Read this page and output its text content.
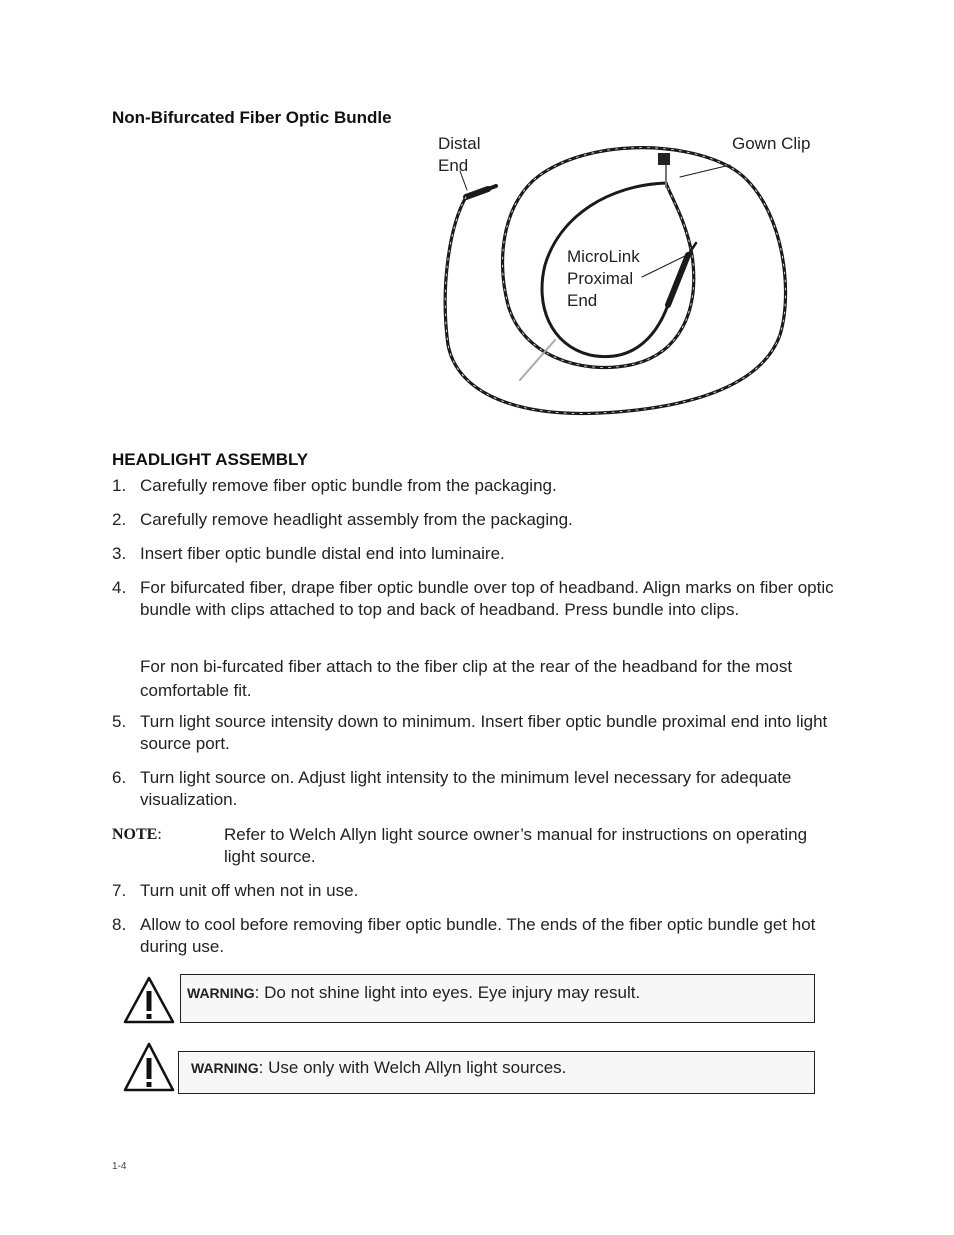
Non-Bifurcated Fiber Optic Bundle
Distal
End
Gown Clip
MicroLink
Proximal
End
HEADLIGHT ASSEMBLY
1. Carefully remove fiber optic bundle from the packaging.
2. Carefully remove headlight assembly from the packaging.
3. Insert fiber optic bundle distal end into luminaire.
4. For bifurcated fiber, drape fiber optic bundle over top of headband. Align marks on fiber optic bundle with clips attached to top and back of headband. Press bundle into clips.
For non bi-furcated fiber attach to the fiber clip at the rear of the headband for the most comfortable fit.
5. Turn light source intensity down to minimum. Insert fiber optic bundle proximal end into light source port.
6. Turn light source on. Adjust light intensity to the minimum level necessary for adequate visualization.
NOTE:	Refer to Welch Allyn light source owner’s manual for instructions on operating light source.
7. Turn unit off when not in use.
8. Allow to cool before removing fiber optic bundle. The ends of the fiber optic bundle get hot during use.
WARNING: Do not shine light into eyes. Eye injury may result.
WARNING: Use only with Welch Allyn light sources.
1-4
